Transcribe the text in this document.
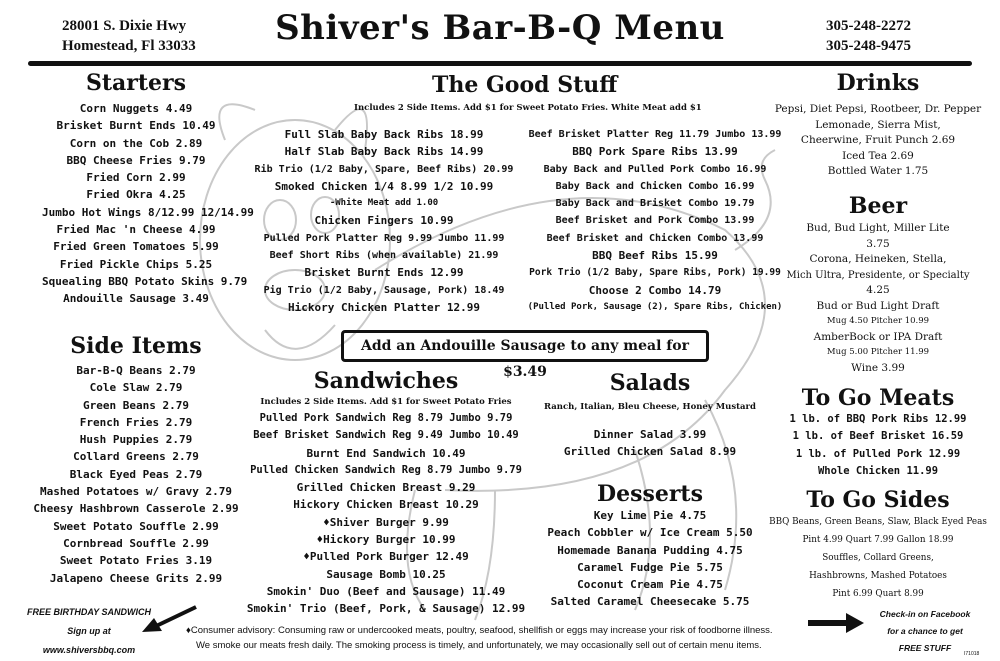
28001 S. Dixie Hwy
Homestead, Fl 33033	Shiver's Bar-B-Q Menu	305-248-2272
305-248-9475
Starters
Corn Nuggets 4.49
Brisket Burnt Ends 10.49
Corn on the Cob 2.89
BBQ Cheese Fries 9.79
Fried Corn 2.99
Fried Okra 4.25
Jumbo Hot Wings 8/12.99 12/14.99
Fried Mac 'n Cheese 4.99
Fried Green Tomatoes 5.99
Fried Pickle Chips 5.25
Squealing BBQ Potato Skins 9.79
Andouille Sausage 3.49
Side Items
Bar-B-Q Beans 2.79
Cole Slaw 2.79
Green Beans 2.79
French Fries 2.79
Hush Puppies 2.79
Collard Greens 2.79
Black Eyed Peas 2.79
Mashed Potatoes w/ Gravy 2.79
Cheesy Hashbrown Casserole 2.99
Sweet Potato Souffle 2.99
Cornbread Souffle 2.99
Sweet Potato Fries 3.19
Jalapeno Cheese Grits 2.99
The Good Stuff
Includes 2 Side Items. Add $1 for Sweet Potato Fries. White Meat add $1
Full Slab Baby Back Ribs 18.99
Half Slab Baby Back Ribs 14.99
Rib Trio (1/2 Baby, Spare, Beef Ribs) 20.99
Smoked Chicken 1/4 8.99 1/2 10.99
-White Meat add 1.00
Chicken Fingers 10.99
Pulled Pork Platter Reg 9.99 Jumbo 11.99
Beef Short Ribs (when available) 21.99
Brisket Burnt Ends 12.99
Pig Trio (1/2 Baby, Sausage, Pork) 18.49
Hickory Chicken Platter 12.99
Beef Brisket Platter Reg 11.79 Jumbo 13.99
BBQ Pork Spare Ribs 13.99
Baby Back and Pulled Pork Combo 16.99
Baby Back and Chicken Combo 16.99
Baby Back and Brisket Combo 19.79
Beef Brisket and Pork Combo 13.99
Beef Brisket and Chicken Combo 13.99
BBQ Beef Ribs 15.99
Pork Trio (1/2 Baby, Spare Ribs, Pork) 19.99
Choose 2 Combo 14.79
(Pulled Pork, Sausage (2), Spare Ribs, Chicken)
Add an Andouille Sausage to any meal for $3.49
Sandwiches
Includes 2 Side Items. Add $1 for Sweet Potato Fries
Pulled Pork Sandwich Reg 8.79 Jumbo 9.79
Beef Brisket Sandwich Reg 9.49 Jumbo 10.49
Burnt End Sandwich 10.49
Pulled Chicken Sandwich Reg 8.79 Jumbo 9.79
Grilled Chicken Breast 9.29
Hickory Chicken Breast 10.29
♦Shiver Burger 9.99
♦Hickory Burger 10.99
♦Pulled Pork Burger 12.49
Sausage Bomb 10.25
Smokin' Duo (Beef and Sausage) 11.49
Smokin' Trio (Beef, Pork, & Sausage) 12.99
Salads
Ranch, Italian, Bleu Cheese, Honey Mustard
Dinner Salad 3.99
Grilled Chicken Salad 8.99
Desserts
Key Lime Pie 4.75
Peach Cobbler w/ Ice Cream 5.50
Homemade Banana Pudding 4.75
Caramel Fudge Pie 5.75
Coconut Cream Pie 4.75
Salted Caramel Cheesecake 5.75
Drinks
Pepsi, Diet Pepsi, Rootbeer, Dr. Pepper
Lemonade, Sierra Mist,
Cheerwine, Fruit Punch 2.69
Iced Tea 2.69
Bottled Water 1.75
Beer
Bud, Bud Light, Miller Lite
3.75
Corona, Heineken, Stella,
Mich Ultra, Presidente, or Specialty
4.25
Bud or Bud Light Draft
Mug 4.50 Pitcher 10.99
AmberBock or IPA Draft
Mug 5.00 Pitcher 11.99
Wine 3.99
To Go Meats
1 lb. of BBQ Pork Ribs 12.99
1 lb. of Beef Brisket 16.59
1 lb. of Pulled Pork 12.99
Whole Chicken 11.99
To Go Sides
BBQ Beans, Green Beans, Slaw, Black Eyed Peas
Pint 4.99 Quart 7.99 Gallon 18.99
Souffles, Collard Greens,
Hashbrowns, Mashed Potatoes
Pint 6.99 Quart 8.99
FREE BIRTHDAY SANDWICH
Sign up at
www.shiversbbq.com
♦Consumer advisory: Consuming raw or undercooked meats, poultry, seafood, shellfish or eggs may increase your risk of foodborne illness.
We smoke our meats fresh daily. The smoking process is timely, and unfortunately, we may occasionally sell out of certain menu items.
Check-in on Facebook
for a chance to get
FREE STUFF
I71018
